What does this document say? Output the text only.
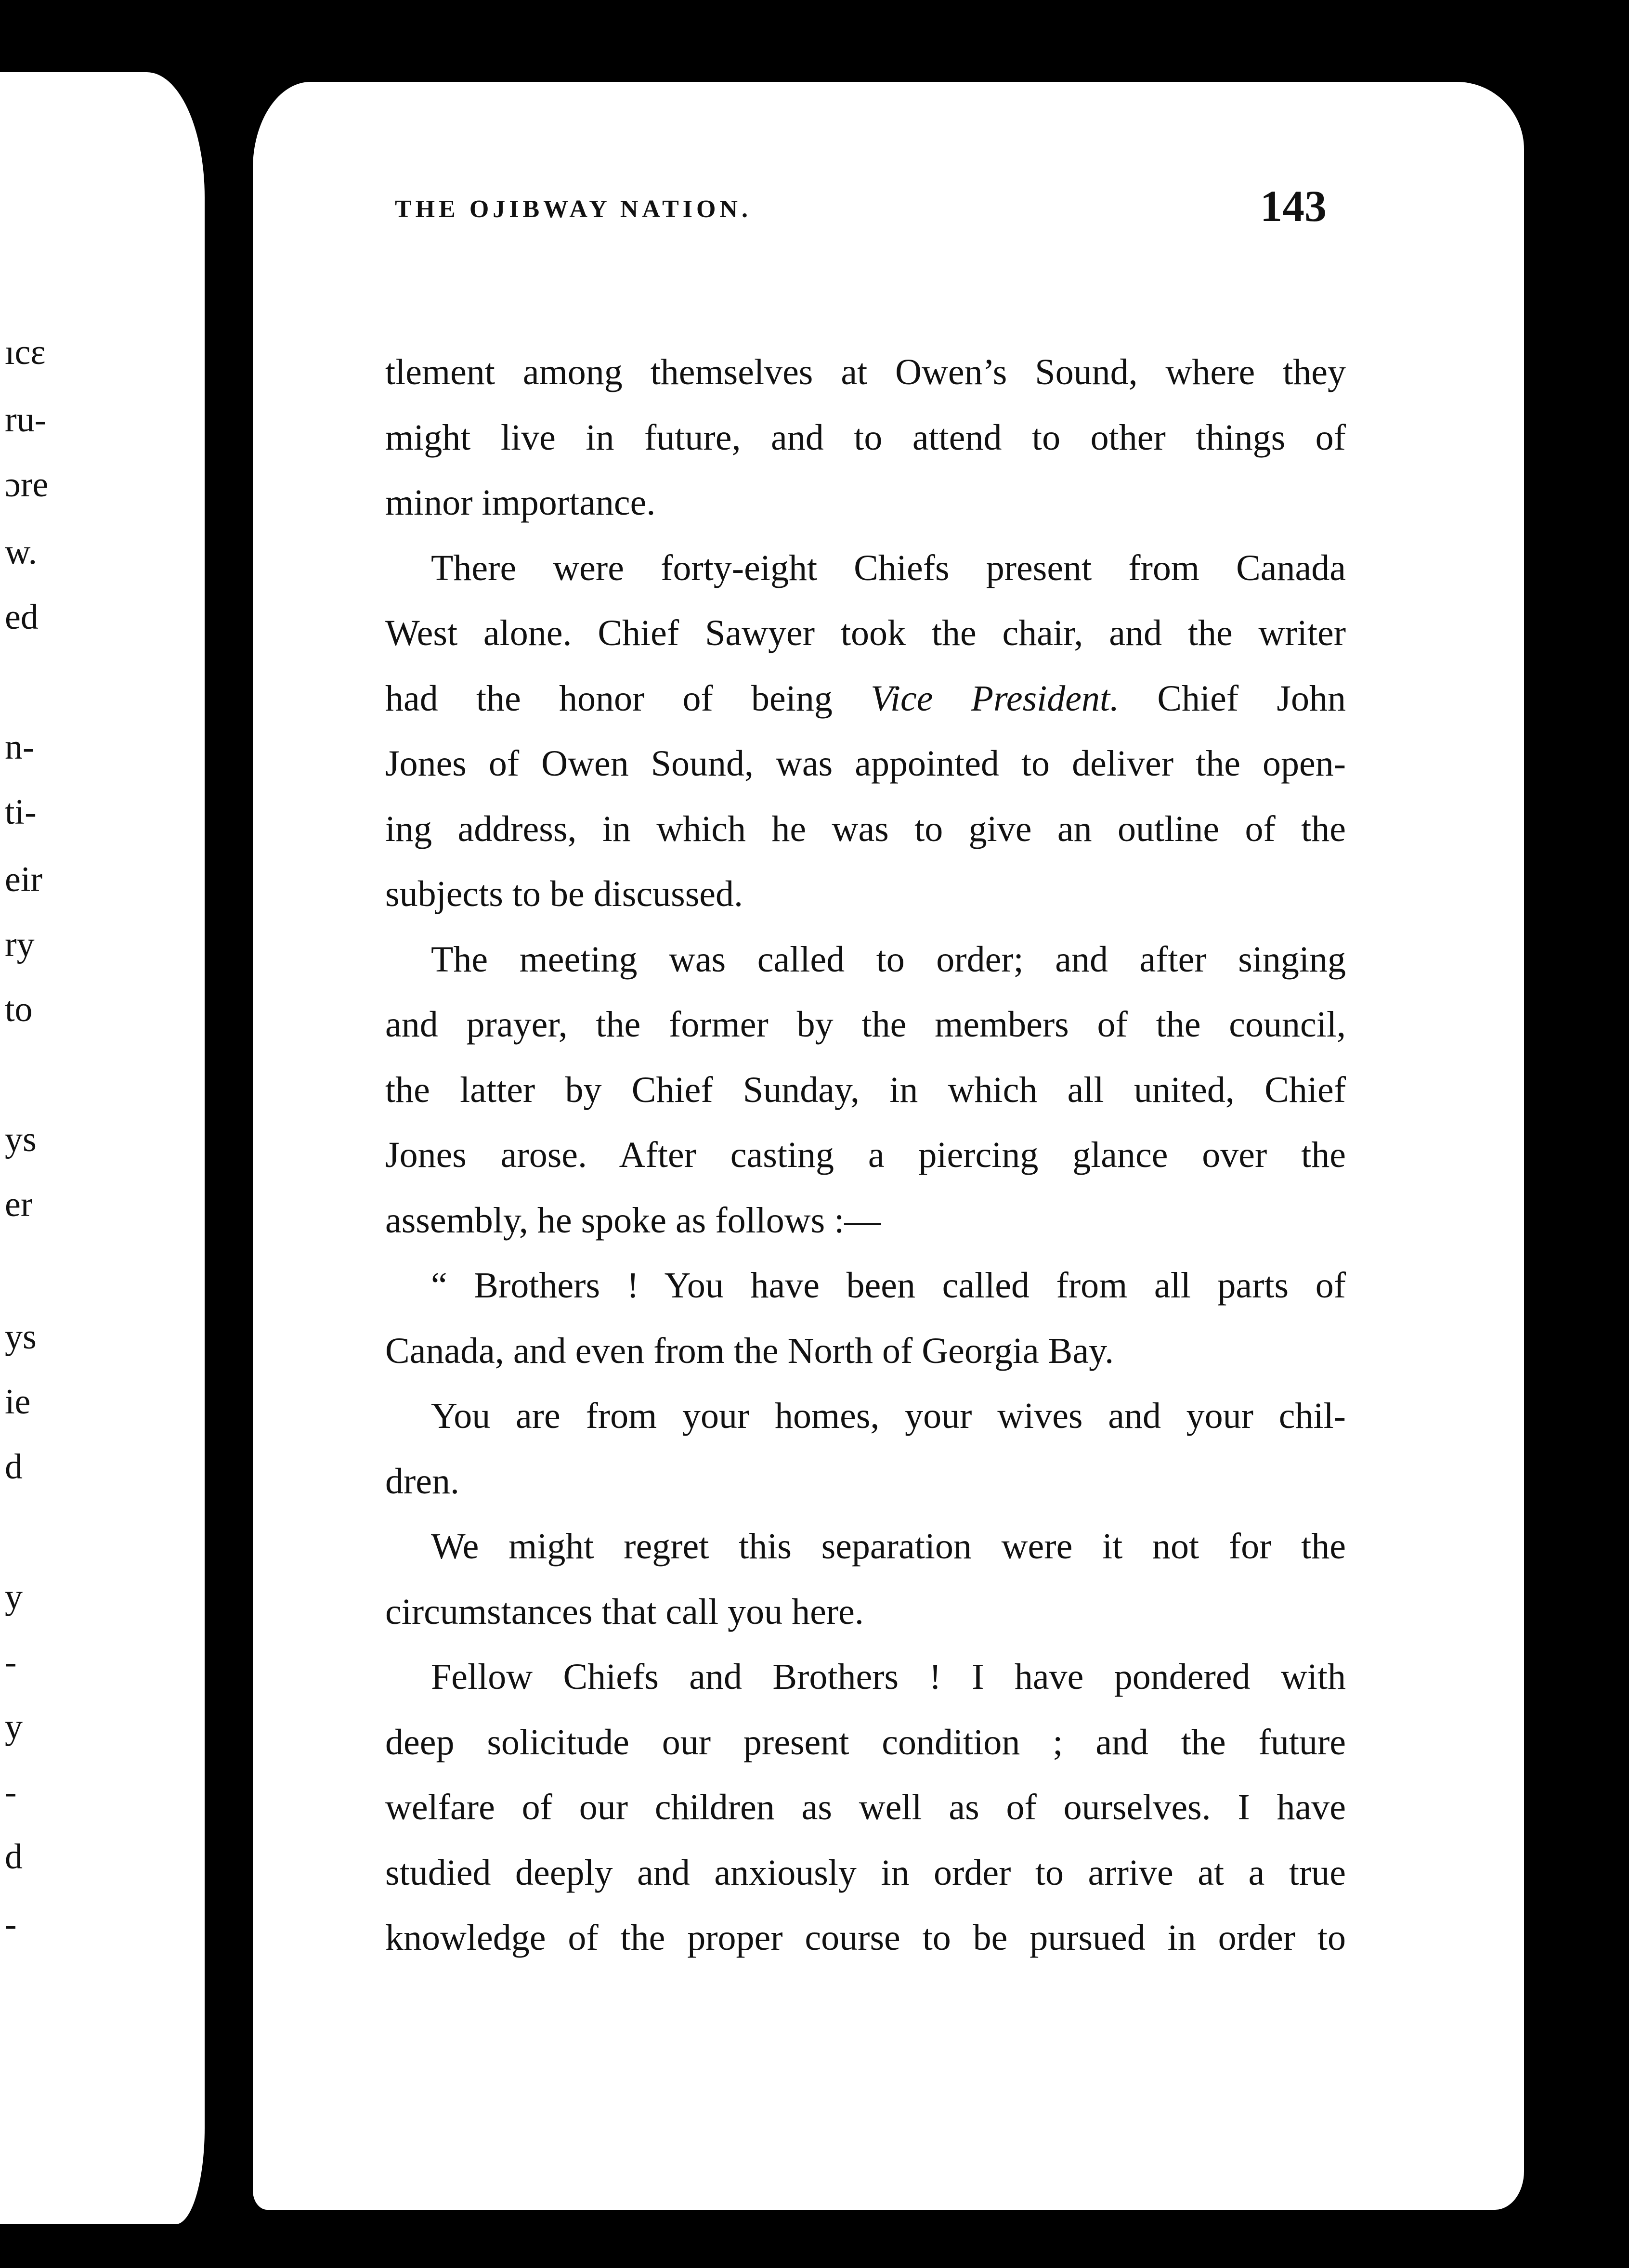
ıcε
ru-
ɔre
w.
ed
n-
ti-
eir
ry
to
ys
er
ys
ie
d
y
-
y
-
d
-
THE OJIBWAY NATION.	143
tlement among themselves at Owen’s Sound, where they
might live in future, and to attend to other things of
minor importance.
There were forty-eight Chiefs present from Canada
West alone. Chief Sawyer took the chair, and the writer
had the honor of being Vice President. Chief John
Jones of Owen Sound, was appointed to deliver the open-
ing address, in which he was to give an outline of the
subjects to be discussed.
The meeting was called to order; and after singing
and prayer, the former by the members of the council,
the latter by Chief Sunday, in which all united, Chief
Jones arose. After casting a piercing glance over the
assembly, he spoke as follows :—
“ Brothers ! You have been called from all parts of
Canada, and even from the North of Georgia Bay.
You are from your homes, your wives and your chil-
dren.
We might regret this separation were it not for the
circumstances that call you here.
Fellow Chiefs and Brothers ! I have pondered with
deep solicitude our present condition ; and the future
welfare of our children as well as of ourselves. I have
studied deeply and anxiously in order to arrive at a true
knowledge of the proper course to be pursued in order to
